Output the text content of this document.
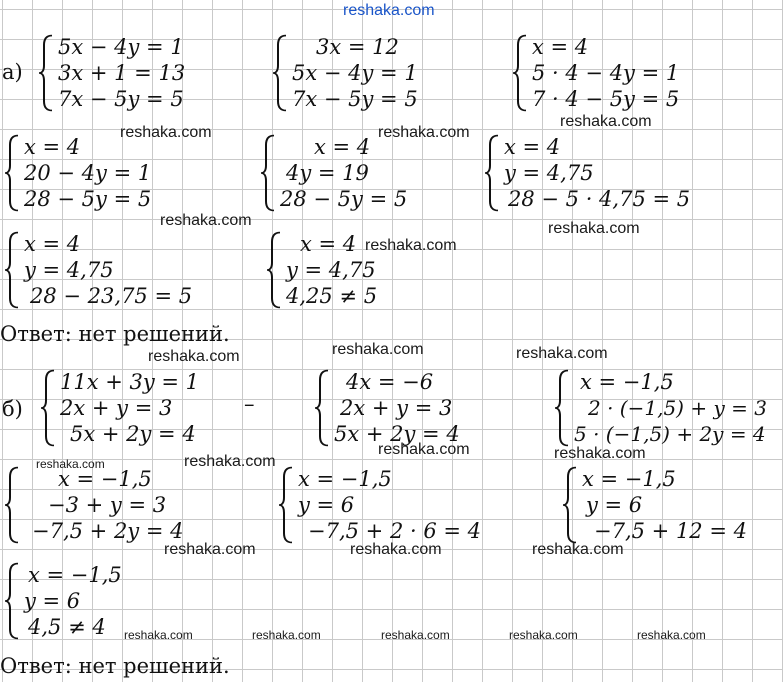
reshaka.com
reshaka.com	reshaka.com
reshaka.com
reshaka.com	reshaka.com
reshaka.com
reshaka.com	reshaka.com	reshaka.com
reshaka.com	reshaka.com
reshaka.com	reshaka.com
reshaka.com	reshaka.com	reshaka.com
reshaka.com	reshaka.com	reshaka.com	reshaka.com	reshaka.com
а)
б)
5x − 4y = 1
3x + 1 = 13
7x − 5y = 5
3x = 12
5x − 4y = 1
7x − 5y = 5
x = 4
5 · 4 − 4y = 1
7 · 4 − 5y = 5
x = 4
20 − 4y = 1
28 − 5y = 5
x = 4
4y = 19
28 − 5y = 5
x = 4
y = 4,75
28 − 5 · 4,75 = 5
x = 4
y = 4,75
28 − 23,75 = 5
x = 4
y = 4,75
4,25 ≠ 5
Ответ: нет решений.
11x + 3y = 1
2x + y = 3
5x + 2y = 4
–
4x = −6
2x + y = 3
5x + 2y = 4
x = −1,5
2 · (−1,5) + y = 3
5 · (−1,5) + 2y = 4
x = −1,5
−3 + y = 3
−7,5 + 2y = 4
x = −1,5
y = 6
−7,5 + 2 · 6 = 4
x = −1,5
y = 6
−7,5 + 12 = 4
x = −1,5
y = 6
4,5 ≠ 4
Ответ: нет решений.
